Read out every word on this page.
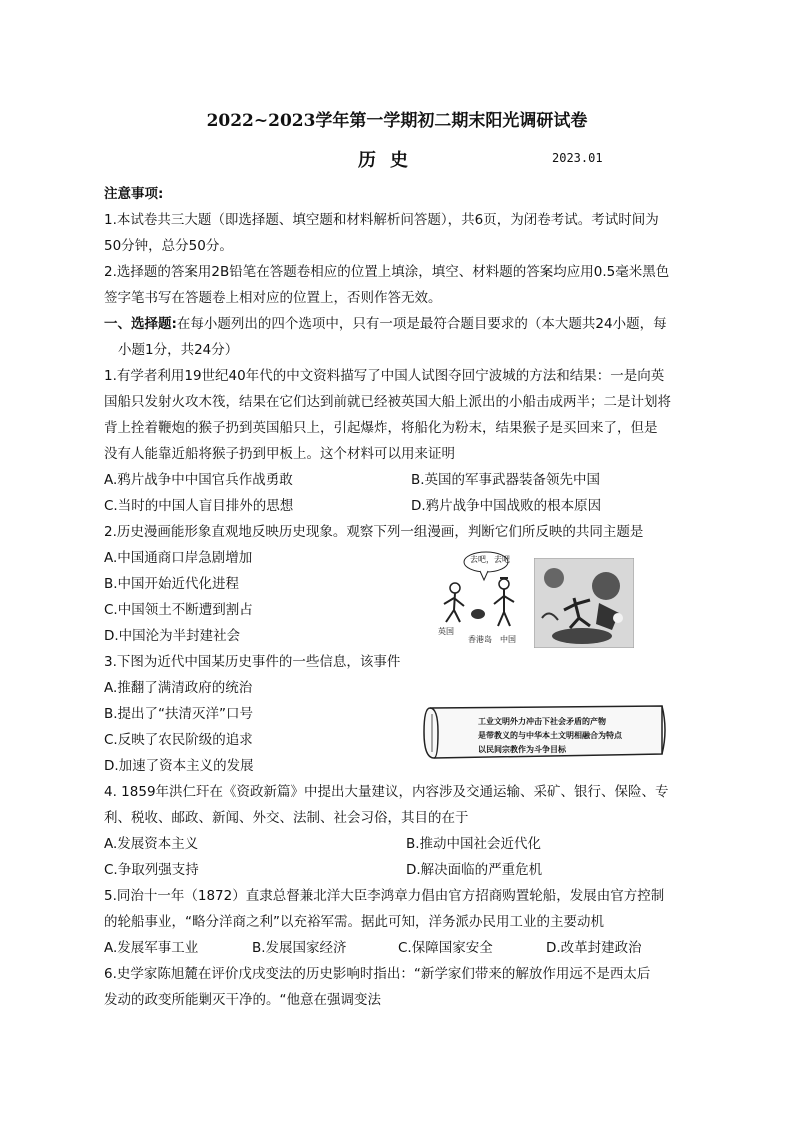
2022~2023学年第一学期初二期末阳光调研试卷
历史	2023.01
注意事项:
1.本试卷共三大题（即选择题、填空题和材料解析问答题），共6页，为闭卷考试。考试时间为
50分钟，总分50分。
2.选择题的答案用2B铅笔在答题卷相应的位置上填涂，填空、材料题的答案均应用0.5毫米黑色
签字笔书写在答题卷上相对应的位置上，否则作答无效。
一、选择题:在每小题列出的四个选项中，只有一项是最符合题目要求的（本大题共24小题，每
小题1分，共24分）
1.有学者利用19世纪40年代的中文资料描写了中国人试图夺回宁波城的方法和结果：一是向英
国船只发射火攻木筏，结果在它们达到前就已经被英国大船上派出的小船击成两半；二是计划将
背上拴着鞭炮的猴子扔到英国船只上，引起爆炸，将船化为粉末，结果猴子是买回来了，但是
没有人能靠近船将猴子扔到甲板上。这个材料可以用来证明
A.鸦片战争中中国官兵作战勇敢	B.英国的军事武器装备领先中国
C.当时的中国人盲目排外的思想	D.鸦片战争中国战败的根本原因
2.历史漫画能形象直观地反映历史现象。观察下列一组漫画，判断它们所反映的共同主题是
A.中国通商口岸急剧增加
B.中国开始近代化进程
C.中国领土不断遭到割占
D.中国沦为半封建社会
去吧，去吧
英国
香港岛 中国
3.下图为近代中国某历史事件的一些信息，该事件
A.推翻了满清政府的统治
B.提出了“扶清灭洋”口号
C.反映了农民阶级的追求
D.加速了资本主义的发展
工业文明外力冲击下社会矛盾的产物
是带教义的与中华本土文明相融合为特点
以民间宗教作为斗争目标
4. 1859年洪仁玕在《资政新篇》中提出大量建议，内容涉及交通运输、采矿、银行、保险、专
利、税收、邮政、新闻、外交、法制、社会习俗，其目的在于
A.发展资本主义	B.推动中国社会近代化
C.争取列强支持	D.解决面临的严重危机
5.同治十一年（1872）直隶总督兼北洋大臣李鸿章力倡由官方招商购置轮船，发展由官方控制
的轮船事业，“略分洋商之利”以充裕军需。据此可知，洋务派办民用工业的主要动机
A.发展军事工业	B.发展国家经济	C.保障国家安全	D.改革封建政治
6.史学家陈旭麓在评价戊戌变法的历史影响时指出：“新学家们带来的解放作用远不是西太后
发动的政变所能剿灭干净的。“他意在强调变法
